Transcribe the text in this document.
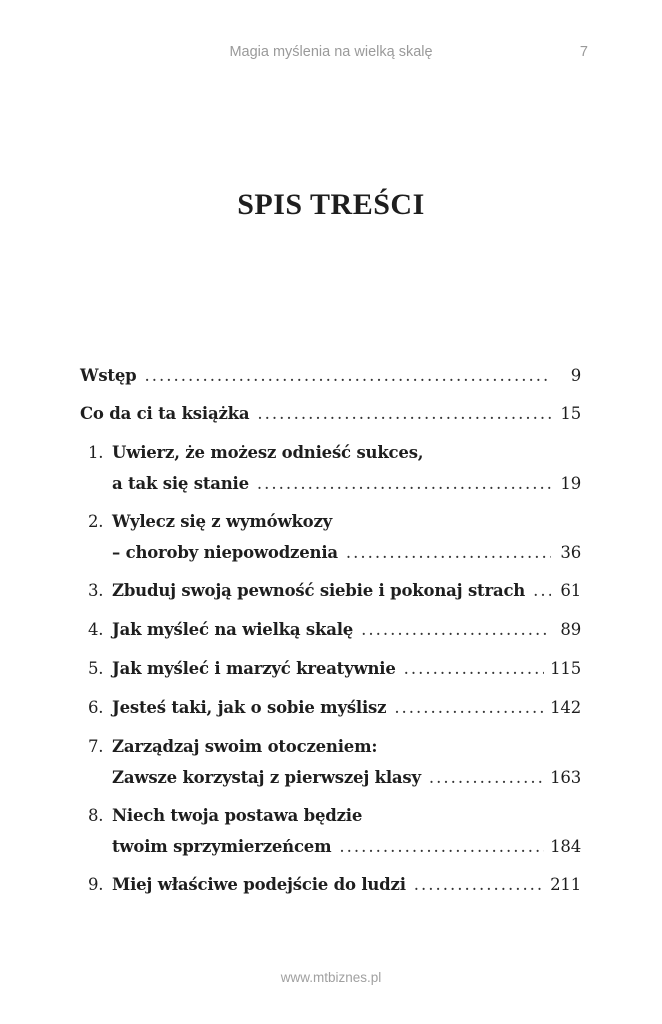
Magia myślenia na wielką skalę	7
SPIS TREŚCI
Wstęp .....	9
Co da ci ta książka .....	15
1. Uwierz, że możesz odnieść sukces,
a tak się stanie .....	19
2. Wylecz się z wymówkozy
– choroby niepowodzenia .....	36
3. Zbuduj swoją pewność siebie i pokonaj strach ..... 61
4. Jak myśleć na wielką skalę .....	89
5. Jak myśleć i marzyć kreatywnie .....	115
6. Jesteś taki, jak o sobie myślisz .....	142
7. Zarządzaj swoim otoczeniem:
Zawsze korzystaj z pierwszej klasy .....	163
8. Niech twoja postawa będzie
twoim sprzymierzeńcem .....	184
9. Miej właściwe podejście do ludzi .....	211
www.mtbiznes.pl
